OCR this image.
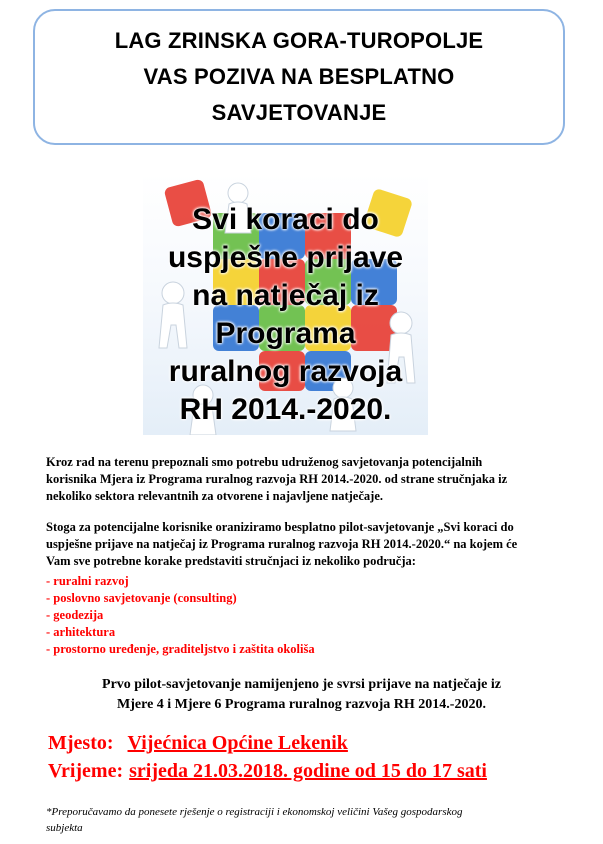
LAG ZRINSKA GORA-TUROPOLJE
VAS POZIVA NA BESPLATNO
SAVJETOVANJE
Svi koraci do
uspješne prijave
na natječaj iz
Programa
ruralnog razvoja
RH 2014.-2020.
Kroz rad na terenu prepoznali smo potrebu udruženog savjetovanja potencijalnih
korisnika Mjera iz Programa ruralnog razvoja RH 2014.-2020. od strane stručnjaka iz
nekoliko sektora relevantnih za otvorene i najavljene natječaje.
Stoga za potencijalne korisnike oraniziramo besplatno pilot-savjetovanje „Svi koraci do
uspješne prijave na natječaj iz Programa ruralnog razvoja RH 2014.-2020.“ na kojem će
Vam sve potrebne korake predstaviti stručnjaci iz nekoliko područja:
- ruralni razvoj
- poslovno savjetovanje (consulting)
- geodezija
- arhitektura
- prostorno uređenje, graditeljstvo i zaštita okoliša
Prvo pilot-savjetovanje namijenjeno je svrsi prijave na natječaje iz
Mjere 4 i Mjere 6 Programa ruralnog razvoja RH 2014.-2020.
Mjesto: Vijećnica Općine Lekenik
Vrijeme: srijeda 21.03.2018. godine od 15 do 17 sati
*Preporučavamo da ponesete rješenje o registraciji i ekonomskoj veličini Vašeg gospodarskog
subjekta
